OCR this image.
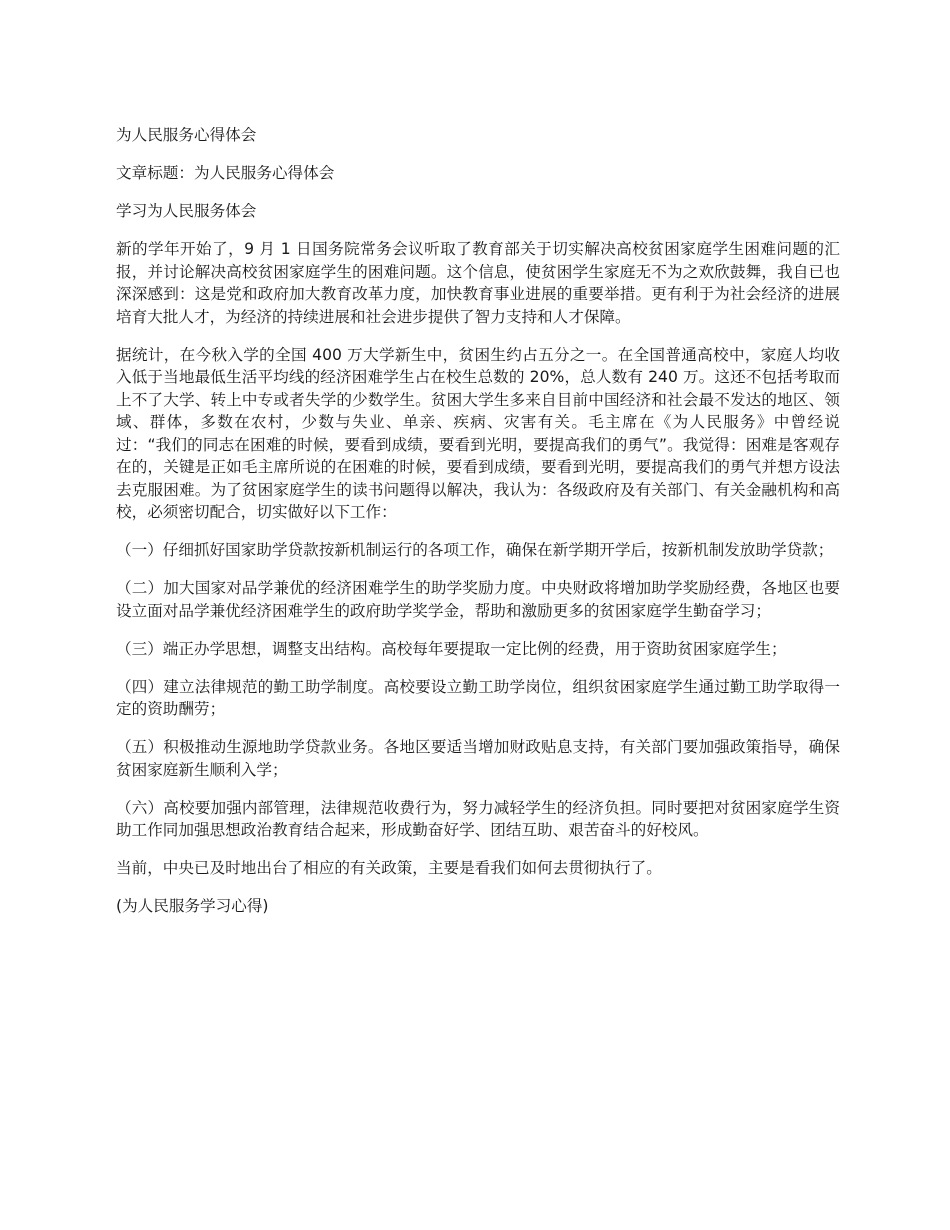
为人民服务心得体会

文章标题：为人民服务心得体会

学习为人民服务体会

新的学年开始了，9 月 1 日国务院常务会议听取了教育部关于切实解决高校贫困家庭学生困难问题的汇报，并讨论解决高校贫困家庭学生的困难问题。这个信息，使贫困学生家庭无不为之欢欣鼓舞，我自已也深深感到：这是党和政府加大教育改革力度，加快教育事业进展的重要举措。更有利于为社会经济的进展培育大批人才，为经济的持续进展和社会进步提供了智力支持和人才保障。

据统计，在今秋入学的全国 400 万大学新生中，贫困生约占五分之一。在全国普通高校中，家庭人均收入低于当地最低生活平均线的经济困难学生占在校生总数的 20%，总人数有 240 万。这还不包括考取而上不了大学、转上中专或者失学的少数学生。贫困大学生多来自目前中国经济和社会最不发达的地区、领域、群体，多数在农村，少数与失业、单亲、疾病、灾害有关。毛主席在《为人民服务》中曾经说过：“我们的同志在困难的时候，要看到成绩，要看到光明，要提高我们的勇气”。我觉得：困难是客观存在的，关键是正如毛主席所说的在困难的时候，要看到成绩，要看到光明，要提高我们的勇气并想方设法去克服困难。为了贫困家庭学生的读书问题得以解决，我认为：各级政府及有关部门、有关金融机构和高校，必须密切配合，切实做好以下工作：

（一）仔细抓好国家助学贷款按新机制运行的各项工作，确保在新学期开学后，按新机制发放助学贷款；

（二）加大国家对品学兼优的经济困难学生的助学奖励力度。中央财政将增加助学奖励经费，各地区也要设立面对品学兼优经济困难学生的政府助学奖学金，帮助和激励更多的贫困家庭学生勤奋学习；

（三）端正办学思想，调整支出结构。高校每年要提取一定比例的经费，用于资助贫困家庭学生；

（四）建立法律规范的勤工助学制度。高校要设立勤工助学岗位，组织贫困家庭学生通过勤工助学取得一定的资助酬劳；

（五）积极推动生源地助学贷款业务。各地区要适当增加财政贴息支持，有关部门要加强政策指导，确保贫困家庭新生顺利入学；

（六）高校要加强内部管理，法律规范收费行为，努力减轻学生的经济负担。同时要把对贫困家庭学生资助工作同加强思想政治教育结合起来，形成勤奋好学、团结互助、艰苦奋斗的好校风。

当前，中央已及时地出台了相应的有关政策，主要是看我们如何去贯彻执行了。

(为人民服务学习心得)
